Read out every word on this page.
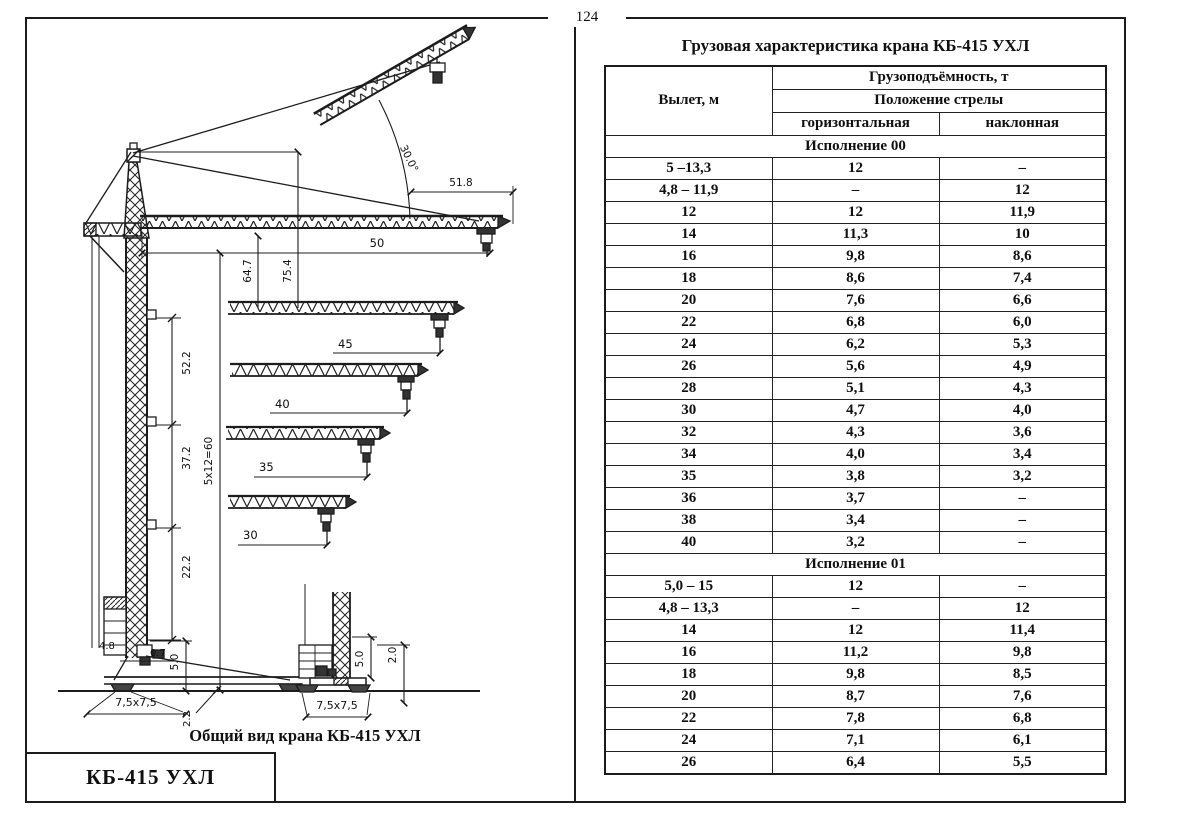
124
КБ-415 УХЛ
30.0°
51.8
50
64.7	75.4
45
40
35
30
52.2
37.2
22.2
5х12=60
4.8
0.7
5.0
7,5х7,5
2.2
5.0 2.0
7,5х7,5
Общий вид крана КБ-415 УХЛ
Грузовая характеристика крана КБ-415 УХЛ
Вылет, м	Грузоподъёмность, т	
	Положение стрелы	
	горизонтальная	наклонная
Исполнение 00		
5 –13,3	12	–
4,8 – 11,9	–	12
12	12	11,9
14	11,3	10
16	9,8	8,6
18	8,6	7,4
20	7,6	6,6
22	6,8	6,0
24	6,2	5,3
26	5,6	4,9
28	5,1	4,3
30	4,7	4,0
32	4,3	3,6
34	4,0	3,4
35	3,8	3,2
36	3,7	–
38	3,4	–
40	3,2	–
Исполнение 01		
5,0 – 15	12	–
4,8 – 13,3	–	12
14	12	11,4
16	11,2	9,8
18	9,8	8,5
20	8,7	7,6
22	7,8	6,8
24	7,1	6,1
26	6,4	5,5
